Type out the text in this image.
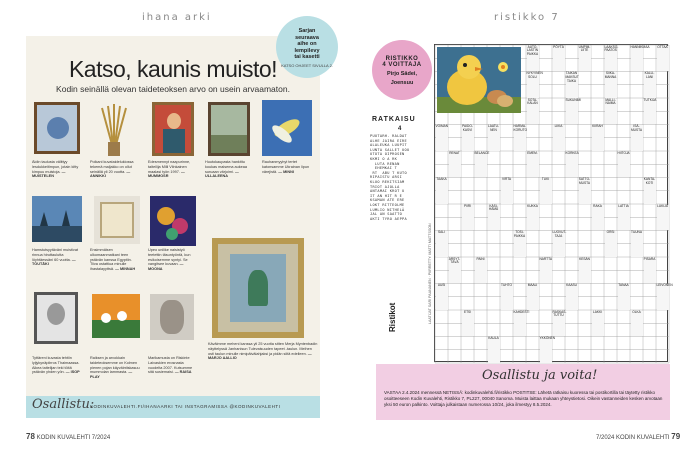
ihana arki
Sarjan
seuraava
aihe on
lempilevy
tai kasetti
KATSO OHJEET SIVULLA 2.
Katso, kaunis muisto!
Kodin seinällä olevan taideteoksen arvo on usein arvaamaton.
Äidin taulusta välittyy lesdukkeitimpun, jotain kitty kimpuu muistoja. — MUISTELEN
Poikani kuvataidelukiossa tekemä maljakko on ollut seinällä yli 20 vuotta. — ANNIKKI
Edesmennyt naapurinne, taiteilija Milli Vilnkainen maalasi työn 1997. — MUMMOSR
Huutokaupasta hankittu koukas maisema aukeaa suruaan värjoimi. — ULLALEENA
Rauhanmyyhyt tertet katonsamme Ukrainan lipun värejistä. — MINNI
Hamstutsyytäväni muistivat rinnua hiruttaulutta löyhtäessäni 60 vuotta. — TOUTÄKI
Ensimmäisen ulkomaanmatkani teen ystävän kanssa Egyptiin. Tiiva ostattiua minulle ihastalayyttsä. — MINNAH
Upeo unilike naisistyö teetettin täsuntyöntä, kun esikoisemme syntyi. Se vangitsee kuvaan. — MOONA
Käväimme meheni kanssa yli 25 vuotta sitten Merja Myntenbadin näyttelyssä Janhanisun Tulevaisuuden tapeet -taulun. Meihen osti taulun minulle nimipäivälahjaksi ja pidän siitä edelleen. — MARJO AALLIO
Tyttäreni kuvasta tehtiin lyijykynäpiirros Thaimaassa. Aikea taitelijan teki töitä ystävän yhden yön. — ISOP
Raiksen ja arvokkain taideteoksemme on Kolmen pienen pojan käyväintiskasuu mummolan lammasta. — PLAY
Marikamusta on Riskinte Laivaskien erosnasta vuodelta 2007. Kutsumme sitä susiemaisi. — RAISA
Osallistu:
KODINKUVALEHTI.FI/IHANAARKI TAI INSTAGRAMISSA @KODINKUVALEHTI
78 KODIN KUVALEHTI 7/2024
ristikko 7
RISTIKKO
4 VOITTAJA
Pirjo Sädei,
Joensuu
RATKAISU
4
PUUTARH. RALDAT
ALHE JAIRA EIRE
ALALEUKA LUUPIT
LUNTA SALLET UOU
UTOTA OIPROSEN
KKMI O A RK
LUTA RENAN
EHEMKAI T
RT  ABU T KUTO
RIPAISTU ARSI
KLUO REKITSIAM
TRIOT AJOLLA
ANTAMAI KROT U
IT AN HIT R E
KSAMAN ATE ERE
LOKT RITTEOLME
LUMLIO NITHELÄ
JAL AN SAATTO
AKTI TYRO AEPPA
Ristikot	LAATIJAT SARI PAANANEN · PIIRRETTY: MATTI MATTSSON
AUTO-LASTIN PAIKKA
PÖYTÄ	UMPIM-LIITE
LAAKSO-PAATOS
HANNIKMAA OTTAA
NYKYINEN SOLU
TAIKAN MAKSUT TAIKA
SIIKA-MANNA
KALLI-LANI
SOTA-KALAN
SUKUNIMI	MALLI-NAIMA
TUTKIJA
VOIMAN	PAIDO-KASVI
LAATU-NEN
HARMA-KORUTO
LIIKA	KIIRAH	ISÄ-MUSTA
RENAT	BELANCE	EMEM.	KORKEA	HIITOJA
TAAKA	VIRTA	TUKI	SATTO-MUSTA
KANTA-KOTI
PIIRI	KÄSI-HÄMÄ
KUKKA	RAKA	LATTIA	LUKIJA
SALI	TOSI-PAIKKA
LUOVUT-TAJA
ORSI	TUUNA
ÄRSYT-TÄVÄ
PAINI	NARTTA	KESÄN	PISARA
UUSI	TUHTO	MAALI	KAASU	TANAA	LEIVONEN
ETSI	KAHDESTI	RASKAS-TUTTU
LAKKI	OLKA
KAULA	YKKÖNEN
Osallistu ja voita!
VASTAA 2.4.2024 mennessä NETISSÄ: kodinkuvalehti.fi/ristikko POSTITSE: Lähetä ratkaisu kuoressa tai postikortilla tai täytetty ristikko osoitteeseen Kodin Kuvalehti, Ristikko 7, PL227, 00040 Sanoma. Muista laittaa mukaan yhteystietosi. Oikein vastanneiden kesken arvotaan yksi 50 euron palkinto. Voittaja julkaistaan numerossa 10/24, joka ilmestyy 8.5.2024.
7/2024 KODIN KUVALEHTI 79
